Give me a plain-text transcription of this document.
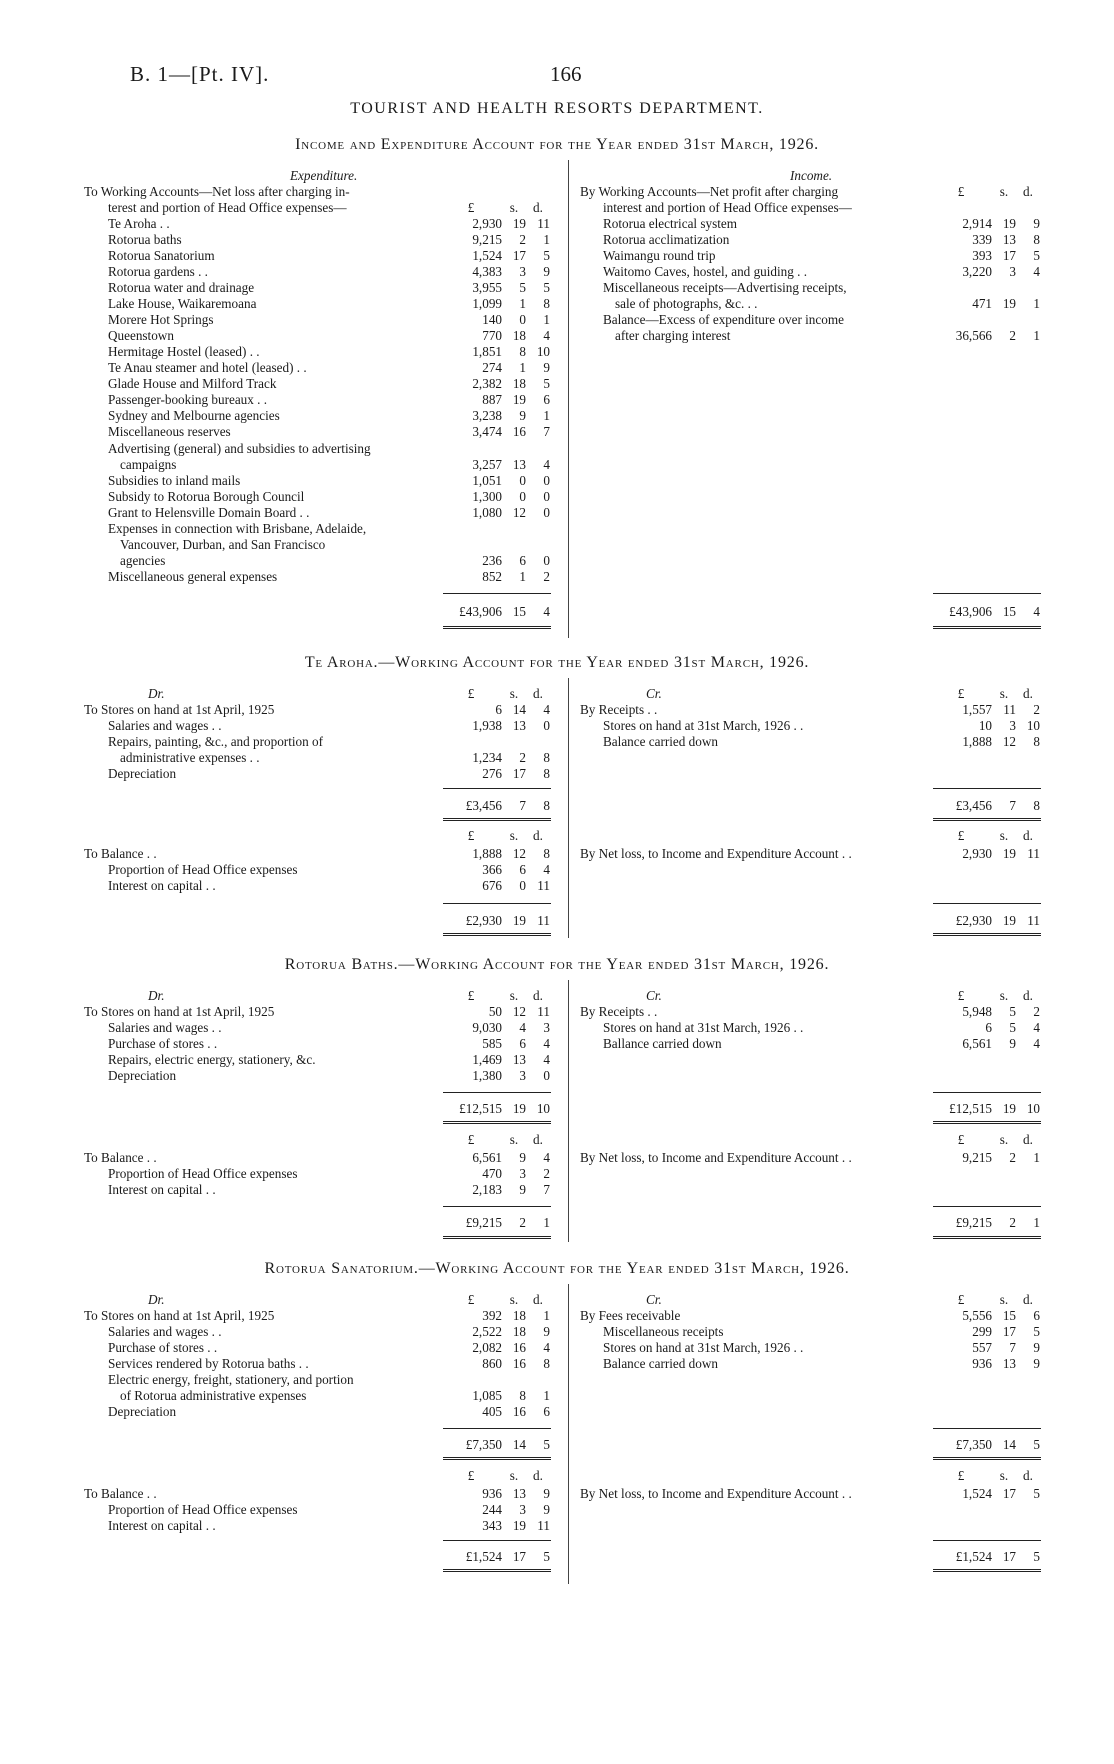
B. 1—[Pt. IV].	166
TOURIST AND HEALTH RESORTS DEPARTMENT.
Income and Expenditure Account for the Year ended 31st March, 1926.
Expenditure.	Income.
To Working Accounts—Net loss after charging in-
terest and portion of Head Office expenses—	£	s. d.
Te Aroha . .	2,930 19 11
Rotorua baths	9,215 2 1
Rotorua Sanatorium	1,524 17 5
Rotorua gardens . .	4,383 3 9
Rotorua water and drainage	3,955 5 5
Lake House, Waikaremoana	1,099 1 8
Morere Hot Springs	140 0 1
Queenstown	770 18 4
Hermitage Hostel (leased) . .	1,851 8 10
Te Anau steamer and hotel (leased) . .	274 1 9
Glade House and Milford Track	2,382 18 5
Passenger-booking bureaux . .	887 19 6
Sydney and Melbourne agencies	3,238 9 1
Miscellaneous reserves	3,474 16 7
Advertising (general) and subsidies to advertising
campaigns	3,257 13 4
Subsidies to inland mails	1,051 0 0
Subsidy to Rotorua Borough Council	1,300 0 0
Grant to Helensville Domain Board . .	1,080 12 0
Expenses in connection with Brisbane, Adelaide,
Vancouver, Durban, and San Francisco
agencies	236 6 0
Miscellaneous general expenses	852 1 2
£43,906 15 4
£	s. d.
By Working Accounts—Net profit after charging
interest and portion of Head Office expenses—
Rotorua electrical system	2,914 19 9
Rotorua acclimatization	339 13 8
Waimangu round trip	393 17 5
Waitomo Caves, hostel, and guiding . .	3,220 3 4
Miscellaneous receipts—Advertising receipts,
sale of photographs, &c. . .	471 19 1
Balance—Excess of expenditure over income
after charging interest	36,566 2 1
£43,906 15 4
Te Aroha.—Working Account for the Year ended 31st March, 1926.
Dr.	£	s. d.	Cr.	£	s. d.
To Stores on hand at 1st April, 1925	6 14 4
Salaries and wages . .	1,938 13 0
Repairs, painting, &c., and proportion of
administrative expenses . .	1,234 2 8
Depreciation	276 17 8
By Receipts . .	1,557 11 2
Stores on hand at 31st March, 1926 . .	10 3 10
Balance carried down	1,888 12 8
£3,456 7 8	£3,456 7 8
£	s. d.	£	s. d.
To Balance . .	1,888 12 8
Proportion of Head Office expenses	366 6 4
Interest on capital . .	676 0 11
By Net loss, to Income and Expenditure Account . .	2,930 19 11
£2,930 19 11	£2,930 19 11
Rotorua Baths.—Working Account for the Year ended 31st March, 1926.
Dr.	£	s. d.	Cr.	£	s. d.
To Stores on hand at 1st April, 1925	50 12 11
Salaries and wages . .	9,030 4 3
Purchase of stores . .	585 6 4
Repairs, electric energy, stationery, &c.	1,469 13 4
Depreciation	1,380 3 0
By Receipts . .	5,948 5 2
Stores on hand at 31st March, 1926 . .	6 5 4
Ballance carried down	6,561 9 4
£12,515 19 10	£12,515 19 10
£	s. d.	£	s. d.
To Balance . .	6,561 9 4
Proportion of Head Office expenses	470 3 2
Interest on capital . .	2,183 9 7
By Net loss, to Income and Expenditure Account . .	9,215 2 1
£9,215 2 1	£9,215 2 1
Rotorua Sanatorium.—Working Account for the Year ended 31st March, 1926.
Dr.	£	s. d.	Cr.	£	s. d.
To Stores on hand at 1st April, 1925	392 18 1
Salaries and wages . .	2,522 18 9
Purchase of stores . .	2,082 16 4
Services rendered by Rotorua baths . .	860 16 8
Electric energy, freight, stationery, and portion
of Rotorua administrative expenses	1,085 8 1
Depreciation	405 16 6
By Fees receivable	5,556 15 6
Miscellaneous receipts	299 17 5
Stores on hand at 31st March, 1926 . .	557 7 9
Balance carried down	936 13 9
£7,350 14 5	£7,350 14 5
£	s. d.	£	s. d.
To Balance . .	936 13 9
Proportion of Head Office expenses	244 3 9
Interest on capital . .	343 19 11
By Net loss, to Income and Expenditure Account . .	1,524 17 5
£1,524 17 5	£1,524 17 5
